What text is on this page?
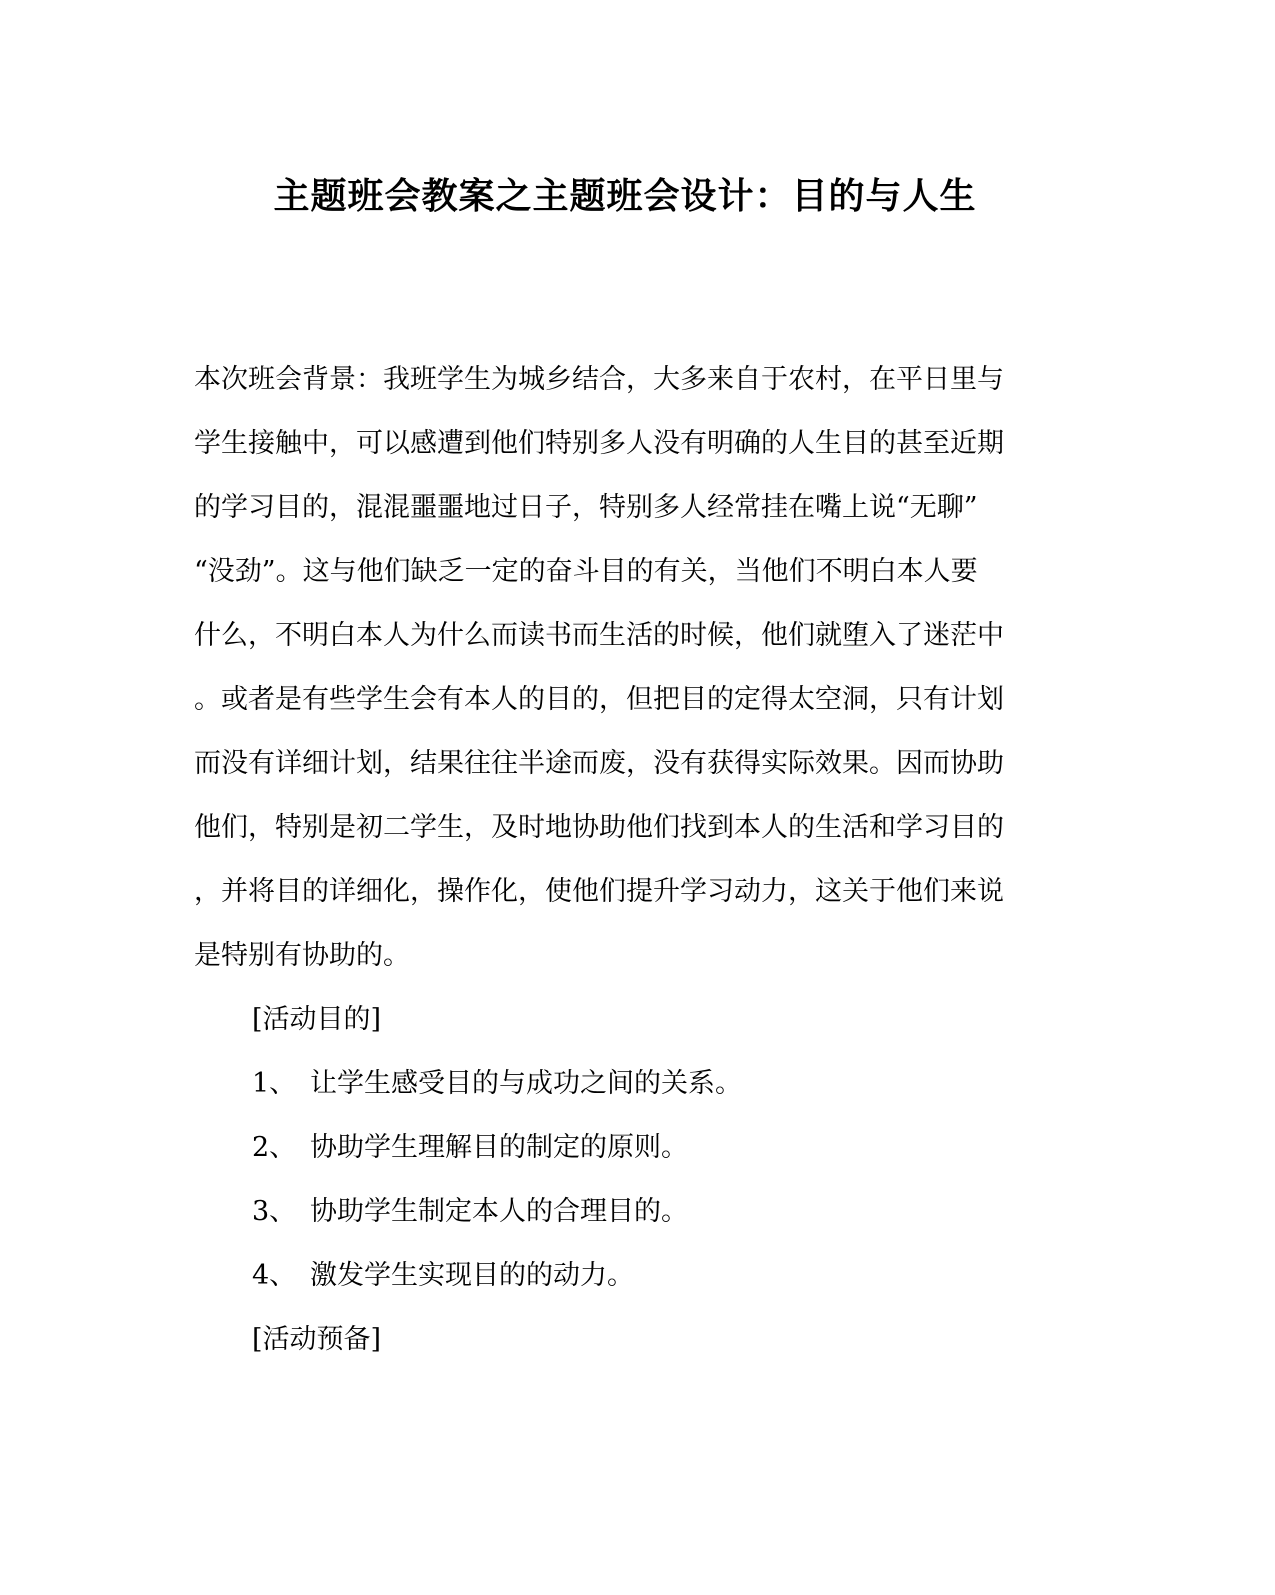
主题班会教案之主题班会设计：目的与人生
本次班会背景：我班学生为城乡结合，大多来自于农村，在平日里与
学生接触中，可以感遭到他们特别多人没有明确的人生目的甚至近期
的学习目的，混混噩噩地过日子，特别多人经常挂在嘴上说“无聊”
“没劲”。这与他们缺乏一定的奋斗目的有关，当他们不明白本人要
什么，不明白本人为什么而读书而生活的时候，他们就堕入了迷茫中
。或者是有些学生会有本人的目的，但把目的定得太空洞，只有计划
而没有详细计划，结果往往半途而废，没有获得实际效果。因而协助
他们，特别是初二学生，及时地协助他们找到本人的生活和学习目的
，并将目的详细化，操作化，使他们提升学习动力，这关于他们来说
是特别有协助的。
[活动目的]
1、 让学生感受目的与成功之间的关系。
2、 协助学生理解目的制定的原则。
3、 协助学生制定本人的合理目的。
4、 激发学生实现目的的动力。
[活动预备]
